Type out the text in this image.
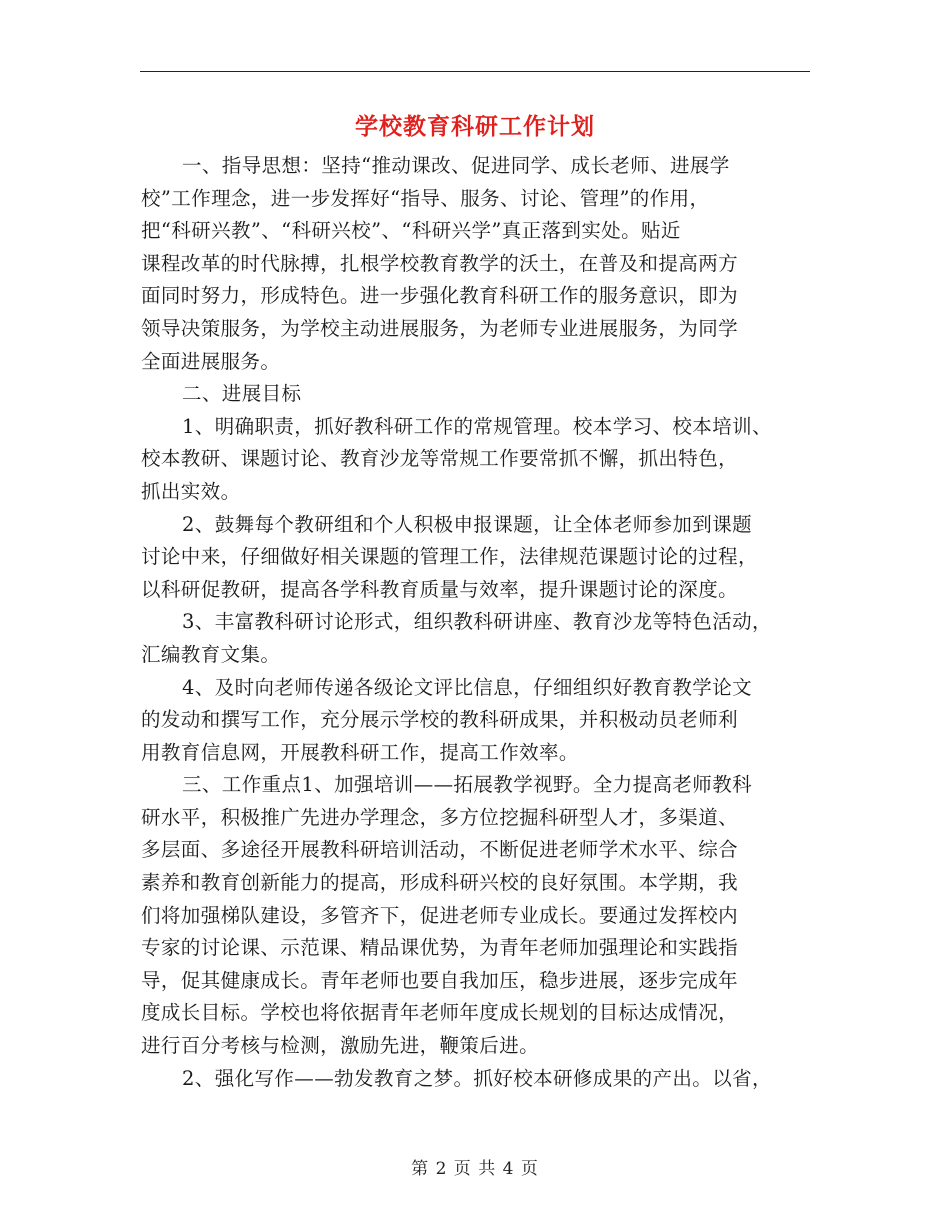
学校教育科研工作计划
一、指导思想：坚持“推动课改、促进同学、成长老师、进展学
校”工作理念，进一步发挥好“指导、服务、讨论、管理”的作用，
把“科研兴教”、“科研兴校”、“科研兴学”真正落到实处。贴近
课程改革的时代脉搏，扎根学校教育教学的沃土，在普及和提高两方
面同时努力，形成特色。进一步强化教育科研工作的服务意识，即为
领导决策服务，为学校主动进展服务，为老师专业进展服务，为同学
全面进展服务。
二、进展目标
1、明确职责，抓好教科研工作的常规管理。校本学习、校本培训、
校本教研、课题讨论、教育沙龙等常规工作要常抓不懈，抓出特色，
抓出实效。
2、鼓舞每个教研组和个人积极申报课题，让全体老师参加到课题
讨论中来，仔细做好相关课题的管理工作，法律规范课题讨论的过程，
以科研促教研，提高各学科教育质量与效率，提升课题讨论的深度。
3、丰富教科研讨论形式，组织教科研讲座、教育沙龙等特色活动，
汇编教育文集。
4、及时向老师传递各级论文评比信息，仔细组织好教育教学论文
的发动和撰写工作，充分展示学校的教科研成果，并积极动员老师利
用教育信息网，开展教科研工作，提高工作效率。
三、工作重点1、加强培训——拓展教学视野。全力提高老师教科
研水平，积极推广先进办学理念，多方位挖掘科研型人才，多渠道、
多层面、多途径开展教科研培训活动，不断促进老师学术水平、综合
素养和教育创新能力的提高，形成科研兴校的良好氛围。本学期，我
们将加强梯队建设，多管齐下，促进老师专业成长。要通过发挥校内
专家的讨论课、示范课、精品课优势，为青年老师加强理论和实践指
导，促其健康成长。青年老师也要自我加压，稳步进展，逐步完成年
度成长目标。学校也将依据青年老师年度成长规划的目标达成情况，
进行百分考核与检测，激励先进，鞭策后进。
2、强化写作——勃发教育之梦。抓好校本研修成果的产出。以省，
第 2 页 共 4 页
